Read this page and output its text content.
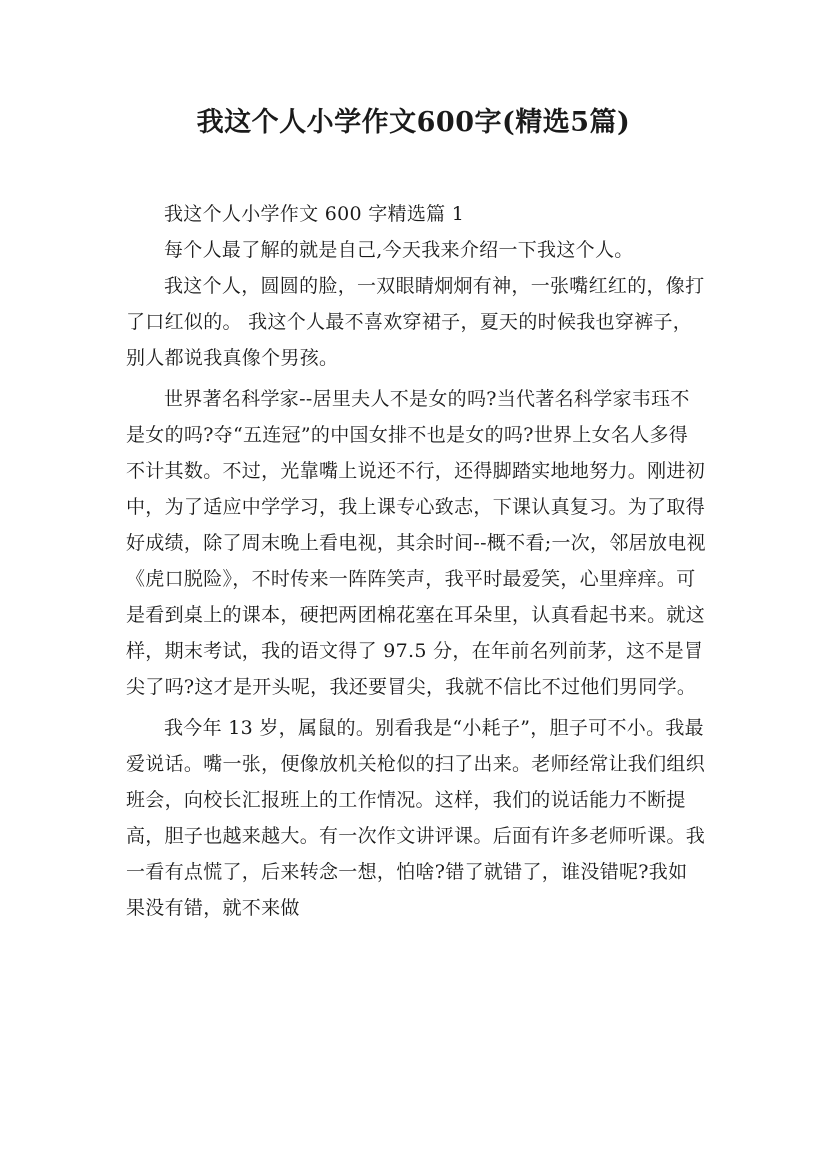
我这个人小学作文600字(精选5篇)

我这个人小学作文 600 字精选篇 1

每个人最了解的就是自己,今天我来介绍一下我这个人。

我这个人，圆圆的脸，一双眼睛炯炯有神，一张嘴红红的，像打了口红似的。 我这个人最不喜欢穿裙子，夏天的时候我也穿裤子，别人都说我真像个男孩。

世界著名科学家--居里夫人不是女的吗?当代著名科学家韦珏不是女的吗?夺“五连冠”的中国女排不也是女的吗?世界上女名人多得不计其数。不过，光靠嘴上说还不行，还得脚踏实地地努力。刚进初中，为了适应中学学习，我上课专心致志，下课认真复习。为了取得好成绩，除了周末晚上看电视，其余时间--概不看;一次，邻居放电视《虎口脱险》，不时传来一阵阵笑声，我平时最爱笑，心里痒痒。可是看到桌上的课本，硬把两团棉花塞在耳朵里，认真看起书来。就这样，期末考试，我的语文得了 97.5 分，在年前名列前茅，这不是冒尖了吗?这才是开头呢，我还要冒尖，我就不信比不过他们男同学。

我今年 13 岁，属鼠的。别看我是“小耗子”，胆子可不小。我最爱说话。嘴一张，便像放机关枪似的扫了出来。老师经常让我们组织班会，向校长汇报班上的工作情况。这样，我们的说话能力不断提高，胆子也越来越大。有一次作文讲评课。后面有许多老师听课。我一看有点慌了，后来转念一想，怕啥?错了就错了，谁没错呢?我如果没有错，就不来做
